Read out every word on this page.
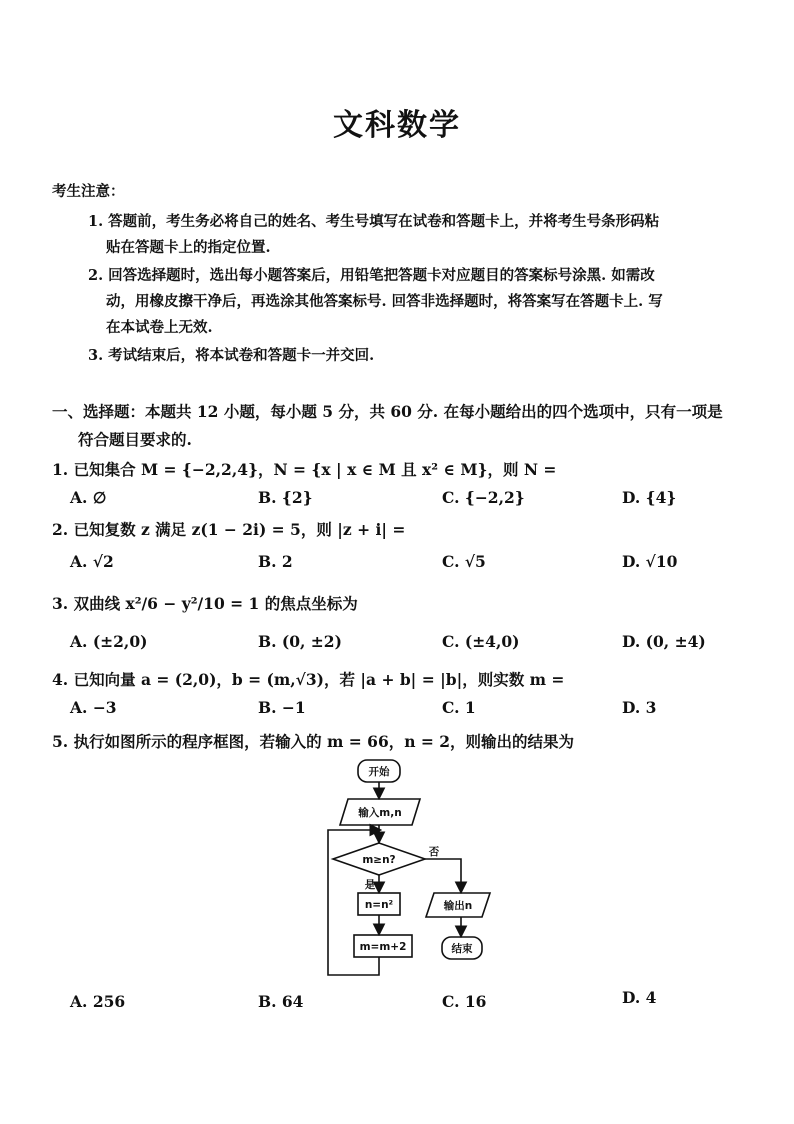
文科数学
考生注意：
1. 答题前，考生务必将自己的姓名、考生号填写在试卷和答题卡上，并将考生号条形码粘
贴在答题卡上的指定位置.
2. 回答选择题时，选出每小题答案后，用铅笔把答题卡对应题目的答案标号涂黑. 如需改
动，用橡皮擦干净后，再选涂其他答案标号. 回答非选择题时，将答案写在答题卡上. 写
在本试卷上无效.
3. 考试结束后，将本试卷和答题卡一并交回.
一、选择题：本题共 12 小题，每小题 5 分，共 60 分. 在每小题给出的四个选项中，只有一项是
符合题目要求的.
1. 已知集合 M = {−2,2,4}，N = {x | x ∈ M 且 x² ∈ M}，则 N =
A. ∅	B. {2}	C. {−2,2}	D. {4}
2. 已知复数 z 满足 z(1 − 2i) = 5，则 |z + i| =
A. √2	B. 2	C. √5	D. √10
3. 双曲线 x²/6 − y²/10 = 1 的焦点坐标为
A. (±2,0)	B. (0, ±2)	C. (±4,0)	D. (0, ±4)
4. 已知向量 a = (2,0)，b = (m,√3)，若 |a + b| = |b|，则实数 m =
A. −3	B. −1	C. 1	D. 3
5. 执行如图所示的程序框图，若输入的 m = 66，n = 2，则输出的结果为
开始
输入m,n
m≥n?
否
是
n=n²
m=m+2
输出n
结束
A. 256	B. 64	C. 16	D. 4
